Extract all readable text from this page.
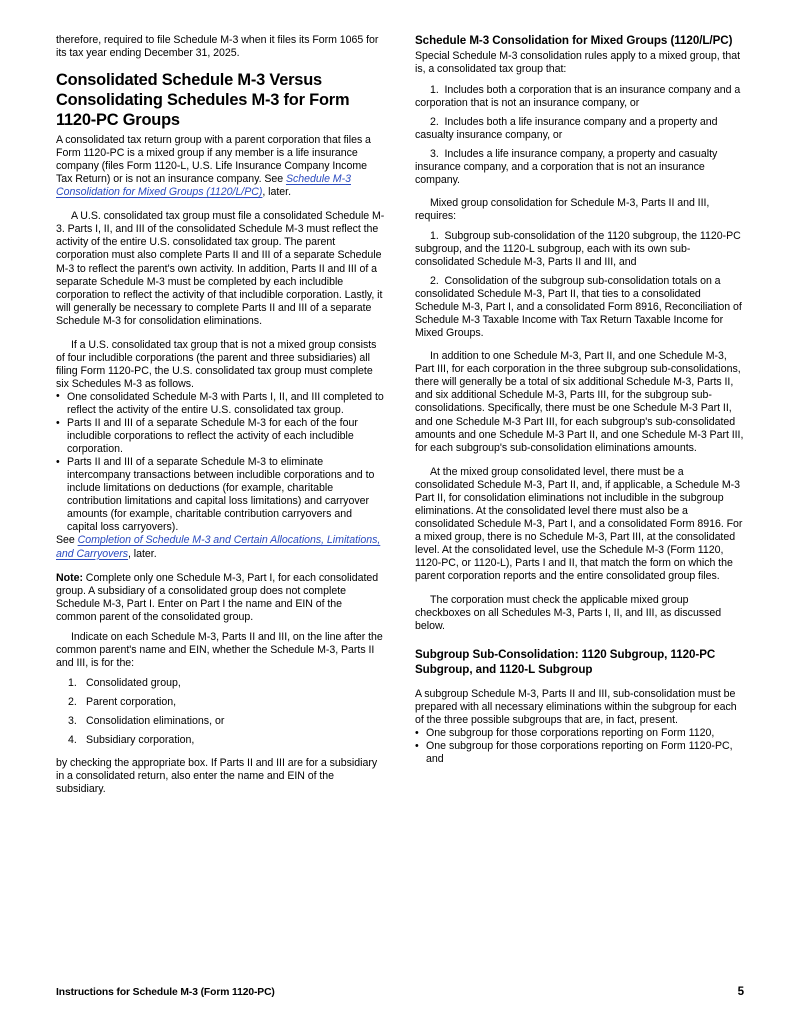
therefore, required to file Schedule M-3 when it files its Form 1065 for its tax year ending December 31, 2025.

Consolidated Schedule M-3 Versus Consolidating Schedules M-3 for Form 1120-PC Groups

A consolidated tax return group with a parent corporation that files a Form 1120-PC is a mixed group if any member is a life insurance company (files Form 1120-L, U.S. Life Insurance Company Income Tax Return) or is not an insurance company. See Schedule M-3 Consolidation for Mixed Groups (1120/L/PC), later.

A U.S. consolidated tax group must file a consolidated Schedule M-3. Parts I, II, and III of the consolidated Schedule M-3 must reflect the activity of the entire U.S. consolidated tax group. The parent corporation must also complete Parts II and III of a separate Schedule M-3 to reflect the parent's own activity. In addition, Parts II and III of a separate Schedule M-3 must be completed by each includible corporation to reflect the activity of that includible corporation. Lastly, it will generally be necessary to complete Parts II and III of a separate Schedule M-3 for consolidation eliminations.

If a U.S. consolidated tax group that is not a mixed group consists of four includible corporations (the parent and three subsidiaries) all filing Form 1120-PC, the U.S. consolidated tax group must complete six Schedules M-3 as follows.

• One consolidated Schedule M-3 with Parts I, II, and III completed to reflect the activity of the entire U.S. consolidated tax group.

• Parts II and III of a separate Schedule M-3 for each of the four includible corporations to reflect the activity of each includible corporation.

• Parts II and III of a separate Schedule M-3 to eliminate intercompany transactions between includible corporations and to include limitations on deductions (for example, charitable contribution limitations and capital loss limitations) and carryover amounts (for example, charitable contribution carryovers and capital loss carryovers).

See Completion of Schedule M-3 and Certain Allocations, Limitations, and Carryovers, later.

Note: Complete only one Schedule M-3, Part I, for each consolidated group. A subsidiary of a consolidated group does not complete Schedule M-3, Part I. Enter on Part I the name and EIN of the common parent of the consolidated group.

Indicate on each Schedule M-3, Parts II and III, on the line after the common parent's name and EIN, whether the Schedule M-3, Parts II and III, is for the:

1. Consolidated group,
2. Parent corporation,
3. Consolidation eliminations, or
4. Subsidiary corporation,

by checking the appropriate box. If Parts II and III are for a subsidiary in a consolidated return, also enter the name and EIN of the subsidiary.

Schedule M-3 Consolidation for Mixed Groups (1120/L/PC)

Special Schedule M-3 consolidation rules apply to a mixed group, that is, a consolidated tax group that:

1. Includes both a corporation that is an insurance company and a corporation that is not an insurance company, or
2. Includes both a life insurance company and a property and casualty insurance company, or
3. Includes a life insurance company, a property and casualty insurance company, and a corporation that is not an insurance company.

Mixed group consolidation for Schedule M-3, Parts II and III, requires:

1. Subgroup sub-consolidation of the 1120 subgroup, the 1120-PC subgroup, and the 1120-L subgroup, each with its own sub-consolidated Schedule M-3, Parts II and III, and
2. Consolidation of the subgroup sub-consolidation totals on a consolidated Schedule M-3, Part II, that ties to a consolidated Schedule M-3, Part I, and a consolidated Form 8916, Reconciliation of Schedule M-3 Taxable Income with Tax Return Taxable Income for Mixed Groups.

In addition to one Schedule M-3, Part II, and one Schedule M-3, Part III, for each corporation in the three subgroup sub-consolidations, there will generally be a total of six additional Schedule M-3, Parts II, and six additional Schedule M-3, Parts III, for the subgroup sub-consolidations. Specifically, there must be one Schedule M-3 Part II, and one Schedule M-3 Part III, for each subgroup's sub-consolidated amounts and one Schedule M-3 Part II, and one Schedule M-3 Part III, for each subgroup's sub-consolidation eliminations amounts.

At the mixed group consolidated level, there must be a consolidated Schedule M-3, Part II, and, if applicable, a Schedule M-3 Part II, for consolidation eliminations not includible in the subgroup eliminations. At the consolidated level there must also be a consolidated Schedule M-3, Part I, and a consolidated Form 8916. For a mixed group, there is no Schedule M-3, Part III, at the consolidated level. At the consolidated level, use the Schedule M-3 (Form 1120, 1120-PC, or 1120-L), Parts I and II, that match the form on which the parent corporation reports and the entire consolidated group files.

The corporation must check the applicable mixed group checkboxes on all Schedules M-3, Parts I, II, and III, as discussed below.

Subgroup Sub-Consolidation: 1120 Subgroup, 1120-PC Subgroup, and 1120-L Subgroup

A subgroup Schedule M-3, Parts II and III, sub-consolidation must be prepared with all necessary eliminations within the subgroup for each of the three possible subgroups that are, in fact, present.

• One subgroup for those corporations reporting on Form 1120,

• One subgroup for those corporations reporting on Form 1120-PC, and

Instructions for Schedule M-3 (Form 1120-PC)	5
